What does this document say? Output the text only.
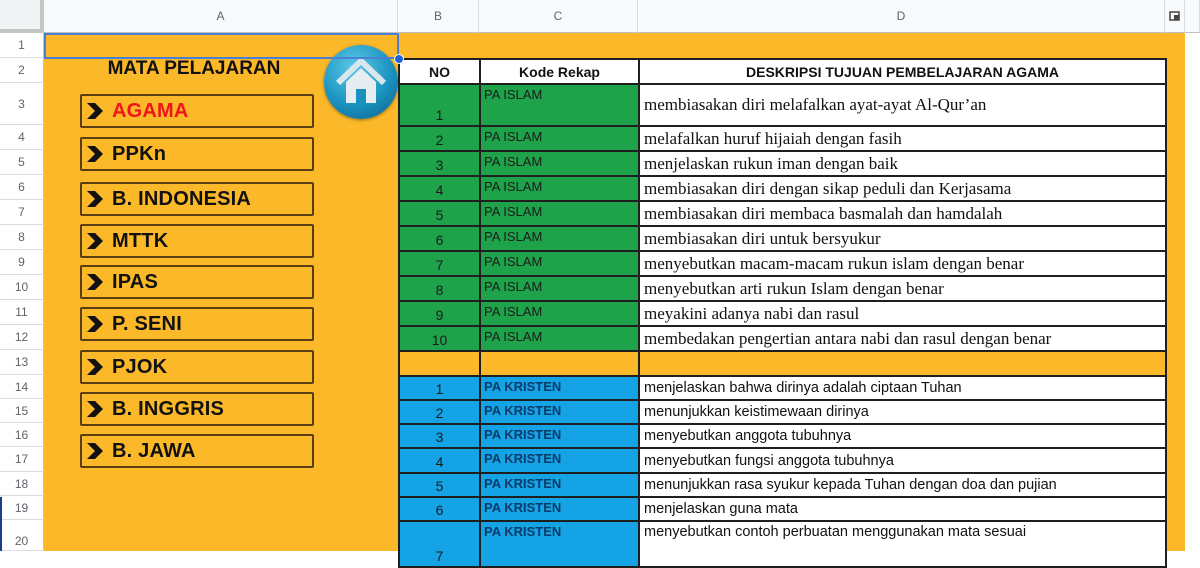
A	B	C	D
1
2
3
4
5
6
7
8
9
10
11
12
13
14
15
16
17
18
19
20
MATA PELAJARAN
AGAMA
PPKn
B. INDONESIA
MTTK
IPAS
P. SENI
PJOK
B. INGGRIS
B. JAWA
NO	Kode Rekap	DESKRIPSI TUJUAN PEMBELAJARAN AGAMA
1	PA ISLAM	membiasakan diri melafalkan ayat-ayat Al-Qur’an
2	PA ISLAM	melafalkan huruf hijaiah dengan fasih
3	PA ISLAM	menjelaskan rukun iman dengan baik
4	PA ISLAM	membiasakan diri dengan sikap peduli dan Kerjasama
5	PA ISLAM	membiasakan diri membaca basmalah dan hamdalah
6	PA ISLAM	membiasakan diri untuk bersyukur
7	PA ISLAM	menyebutkan macam-macam rukun islam dengan benar
8	PA ISLAM	menyebutkan arti rukun Islam dengan benar
9	PA ISLAM	meyakini adanya nabi dan rasul
10	PA ISLAM	membedakan pengertian antara nabi dan rasul dengan benar

1	PA KRISTEN	menjelaskan bahwa dirinya adalah ciptaan Tuhan
2	PA KRISTEN	menunjukkan keistimewaan dirinya
3	PA KRISTEN	menyebutkan anggota tubuhnya
4	PA KRISTEN	menyebutkan fungsi anggota tubuhnya
5	PA KRISTEN	menunjukkan rasa syukur kepada Tuhan dengan doa dan pujian
6	PA KRISTEN	menjelaskan guna mata
7	PA KRISTEN	menyebutkan contoh perbuatan menggunakan mata sesuai
